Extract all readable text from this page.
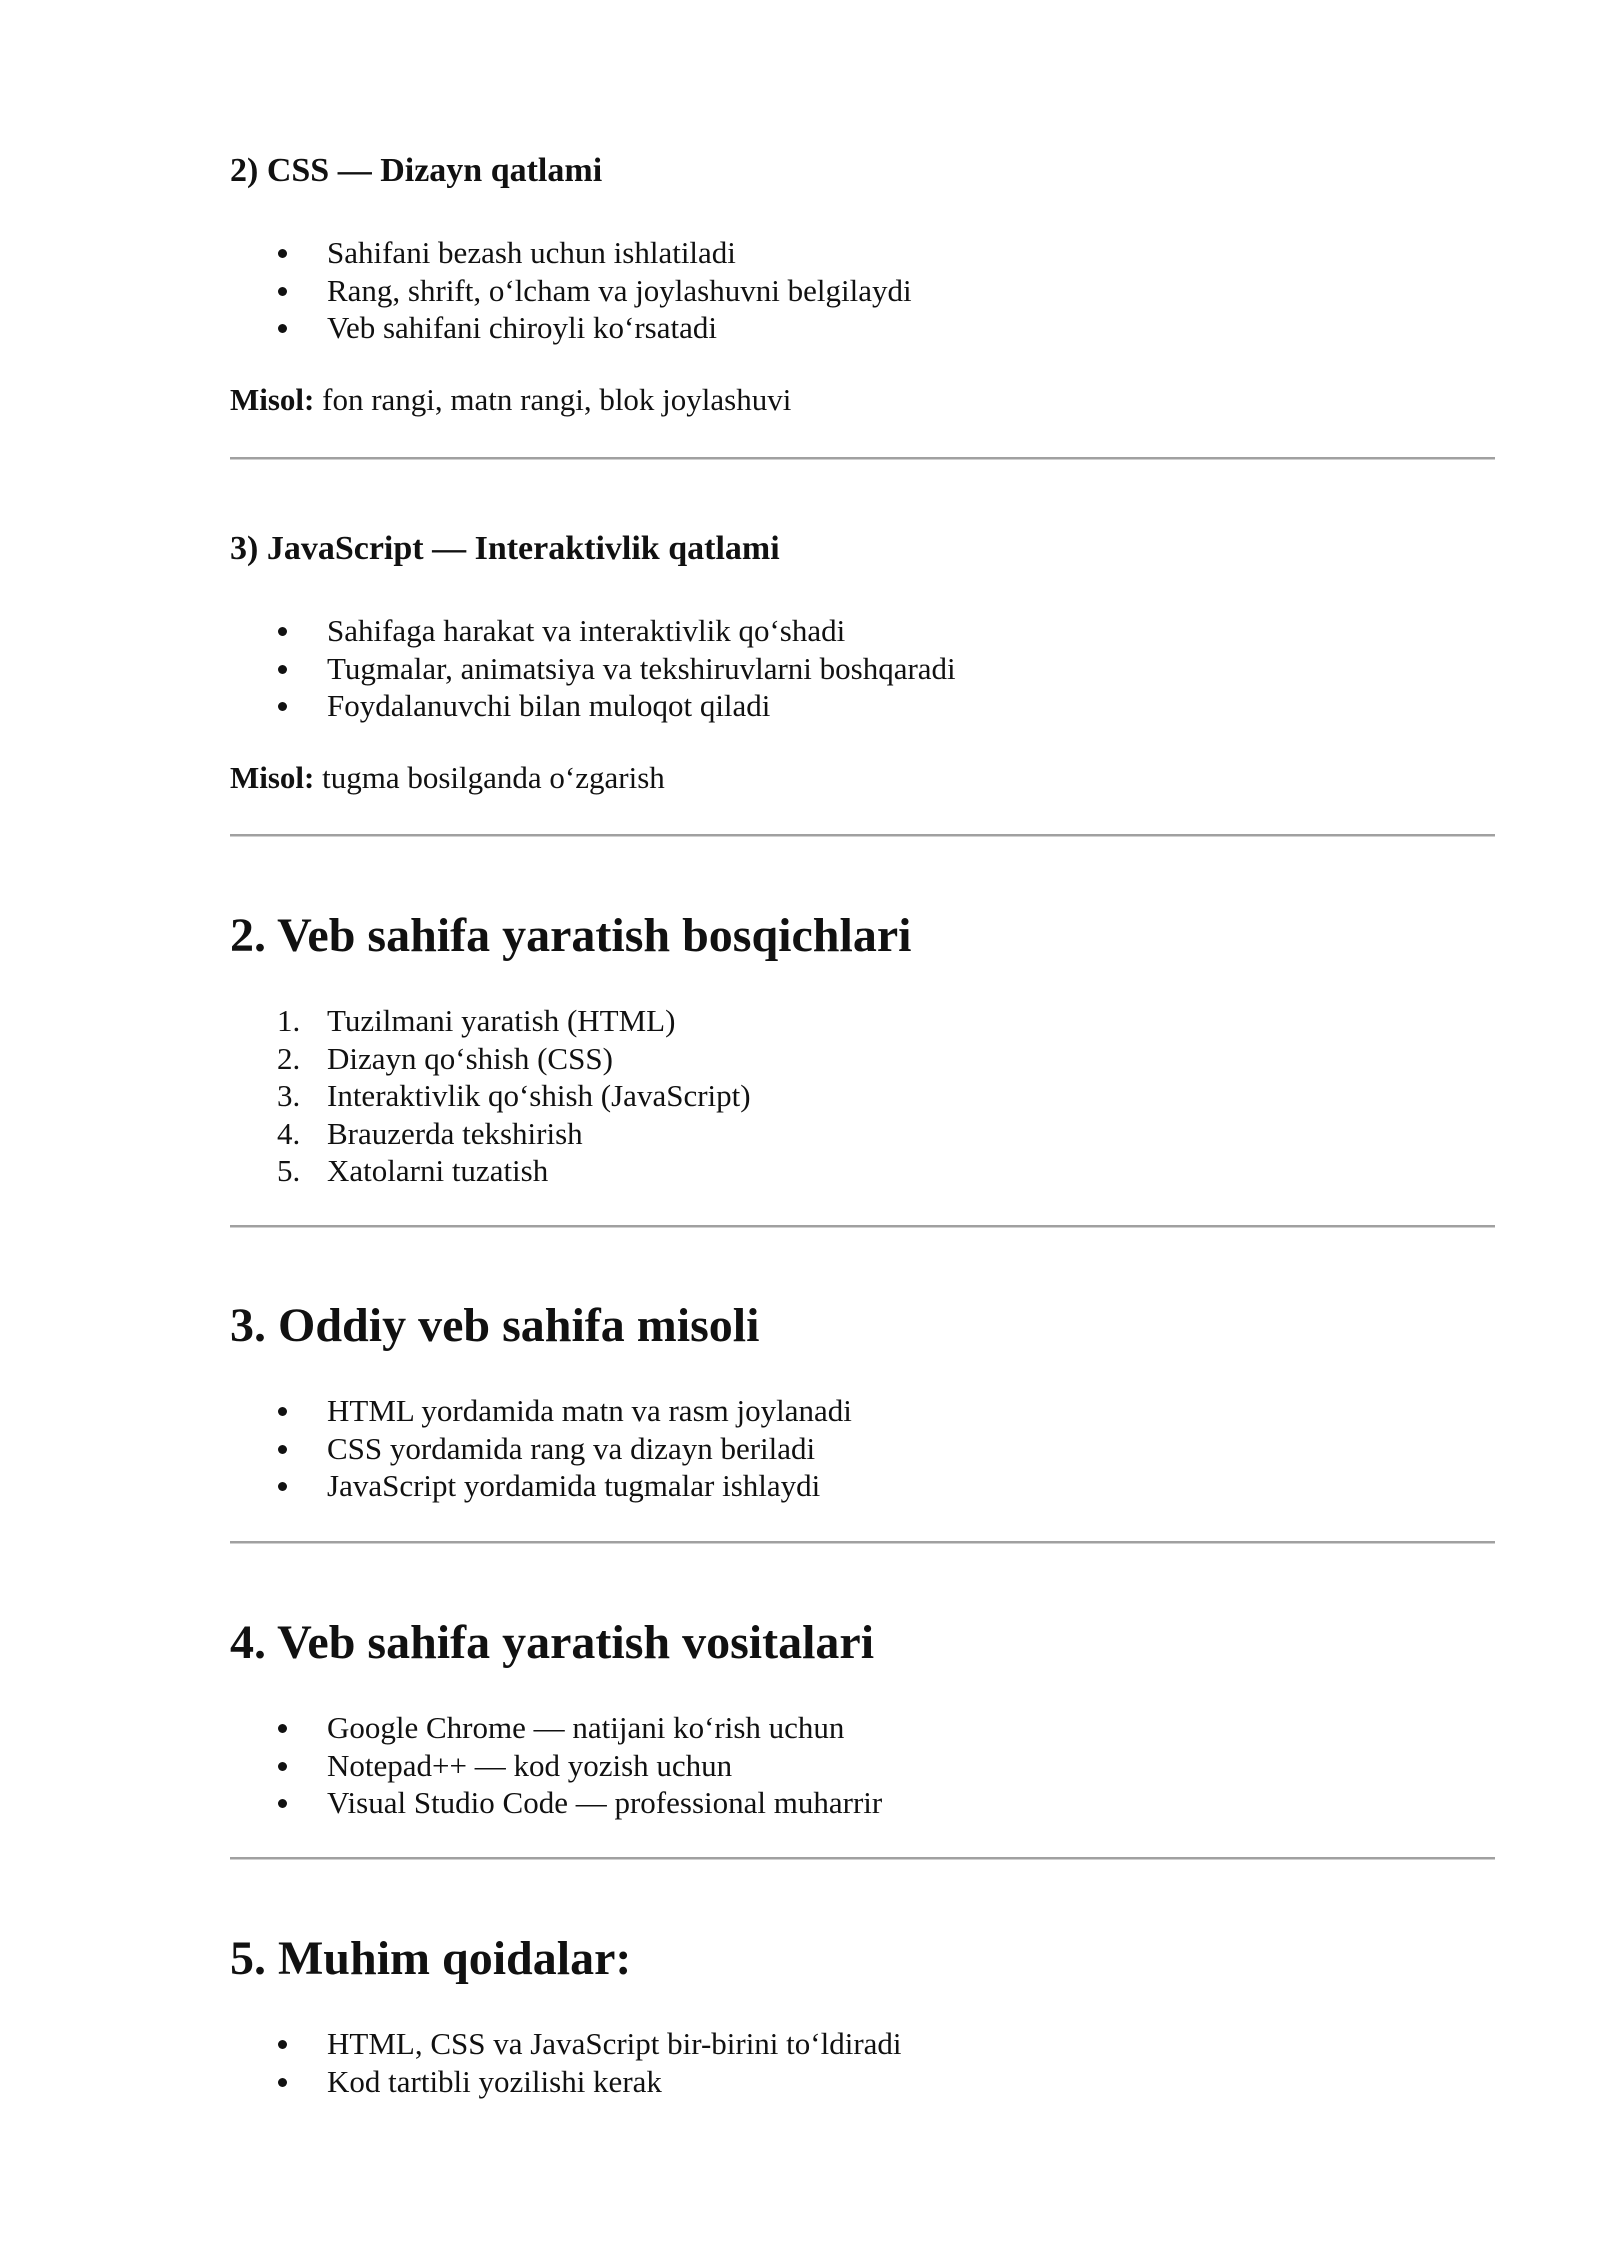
2) CSS — Dizayn qatlami
Sahifani bezash uchun ishlatiladi
Rang, shrift, o‘lcham va joylashuvni belgilaydi
Veb sahifani chiroyli ko‘rsatadi

Misol: fon rangi, matn rangi, blok joylashuvi

3) JavaScript — Interaktivlik qatlami
Sahifaga harakat va interaktivlik qo‘shadi
Tugmalar, animatsiya va tekshiruvlarni boshqaradi
Foydalanuvchi bilan muloqot qiladi

Misol: tugma bosilganda o‘zgarish

2. Veb sahifa yaratish bosqichlari
1. Tuzilmani yaratish (HTML)
2. Dizayn qo‘shish (CSS)
3. Interaktivlik qo‘shish (JavaScript)
4. Brauzerda tekshirish
5. Xatolarni tuzatish
3. Oddiy veb sahifa misoli
HTML yordamida matn va rasm joylanadi
CSS yordamida rang va dizayn beriladi
JavaScript yordamida tugmalar ishlaydi
4. Veb sahifa yaratish vositalari
Google Chrome — natijani ko‘rish uchun
Notepad++ — kod yozish uchun
Visual Studio Code — professional muharrir
5. Muhim qoidalar:
HTML, CSS va JavaScript bir-birini to‘ldiradi
Kod tartibli yozilishi kerak
